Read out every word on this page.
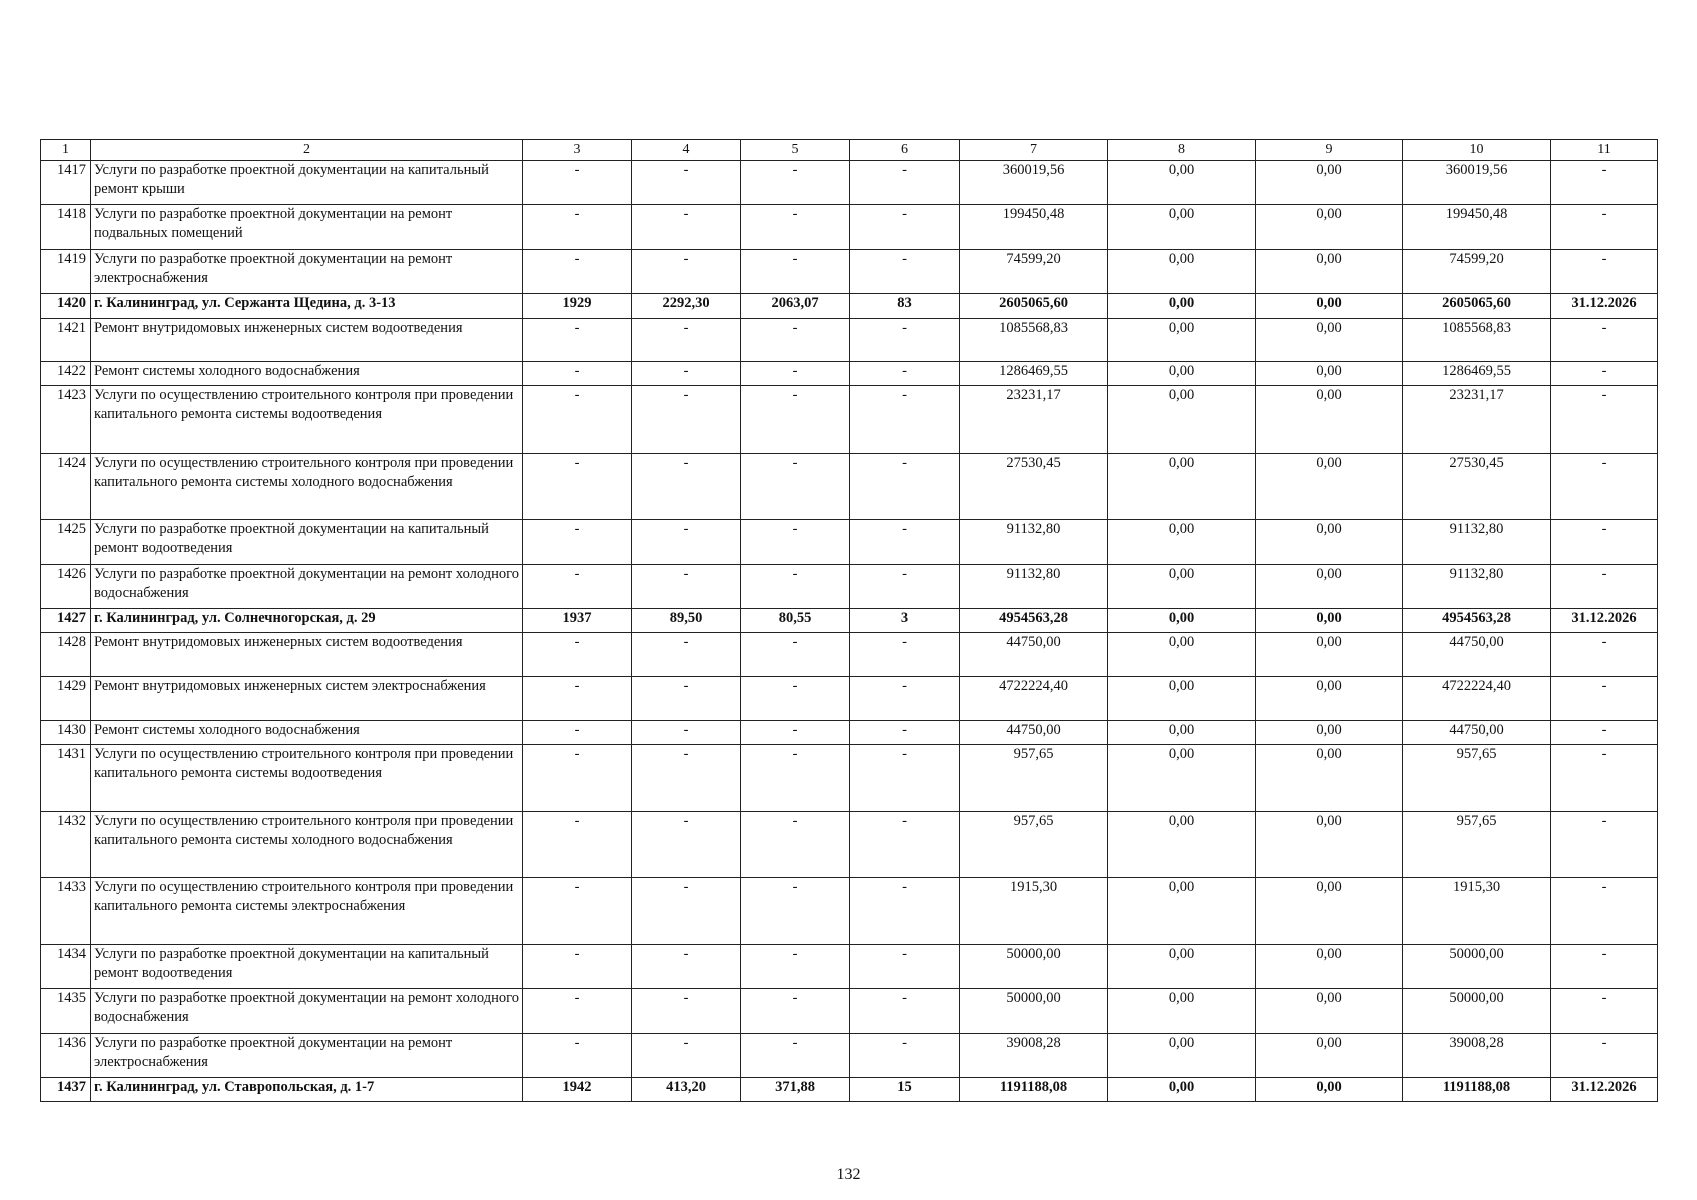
1	2	3	4	5	6	7	8	9	10	11
1417	Услуги по разработке проектной документации на капитальный ремонт крыши	-	-	-	-	360019,56	0,00	0,00	360019,56	-
1418	Услуги по разработке проектной документации на ремонт подвальных помещений	-	-	-	-	199450,48	0,00	0,00	199450,48	-
1419	Услуги по разработке проектной документации на ремонт электроснабжения	-	-	-	-	74599,20	0,00	0,00	74599,20	-
1420	г. Калининград, ул. Сержанта Щедина, д. 3-13	1929	2292,30	2063,07	83	2605065,60	0,00	0,00	2605065,60	31.12.2026
1421	Ремонт внутридомовых инженерных систем водоотведения	-	-	-	-	1085568,83	0,00	0,00	1085568,83	-
1422	Ремонт системы холодного водоснабжения	-	-	-	-	1286469,55	0,00	0,00	1286469,55	-
1423	Услуги по осуществлению строительного контроля при проведении капитального ремонта системы водоотведения	-	-	-	-	23231,17	0,00	0,00	23231,17	-
1424	Услуги по осуществлению строительного контроля при проведении капитального ремонта системы холодного водоснабжения	-	-	-	-	27530,45	0,00	0,00	27530,45	-
1425	Услуги по разработке проектной документации на капитальный ремонт водоотведения	-	-	-	-	91132,80	0,00	0,00	91132,80	-
1426	Услуги по разработке проектной документации на ремонт холодного водоснабжения	-	-	-	-	91132,80	0,00	0,00	91132,80	-
1427	г. Калининград, ул. Солнечногорская, д. 29	1937	89,50	80,55	3	4954563,28	0,00	0,00	4954563,28	31.12.2026
1428	Ремонт внутридомовых инженерных систем водоотведения	-	-	-	-	44750,00	0,00	0,00	44750,00	-
1429	Ремонт внутридомовых инженерных систем электроснабжения	-	-	-	-	4722224,40	0,00	0,00	4722224,40	-
1430	Ремонт системы холодного водоснабжения	-	-	-	-	44750,00	0,00	0,00	44750,00	-
1431	Услуги по осуществлению строительного контроля при проведении капитального ремонта системы водоотведения	-	-	-	-	957,65	0,00	0,00	957,65	-
1432	Услуги по осуществлению строительного контроля при проведении капитального ремонта системы холодного водоснабжения	-	-	-	-	957,65	0,00	0,00	957,65	-
1433	Услуги по осуществлению строительного контроля при проведении капитального ремонта системы электроснабжения	-	-	-	-	1915,30	0,00	0,00	1915,30	-
1434	Услуги по разработке проектной документации на капитальный ремонт водоотведения	-	-	-	-	50000,00	0,00	0,00	50000,00	-
1435	Услуги по разработке проектной документации на ремонт холодного водоснабжения	-	-	-	-	50000,00	0,00	0,00	50000,00	-
1436	Услуги по разработке проектной документации на ремонт электроснабжения	-	-	-	-	39008,28	0,00	0,00	39008,28	-
1437	г. Калининград, ул. Ставропольская, д. 1-7	1942	413,20	371,88	15	1191188,08	0,00	0,00	1191188,08	31.12.2026
132
